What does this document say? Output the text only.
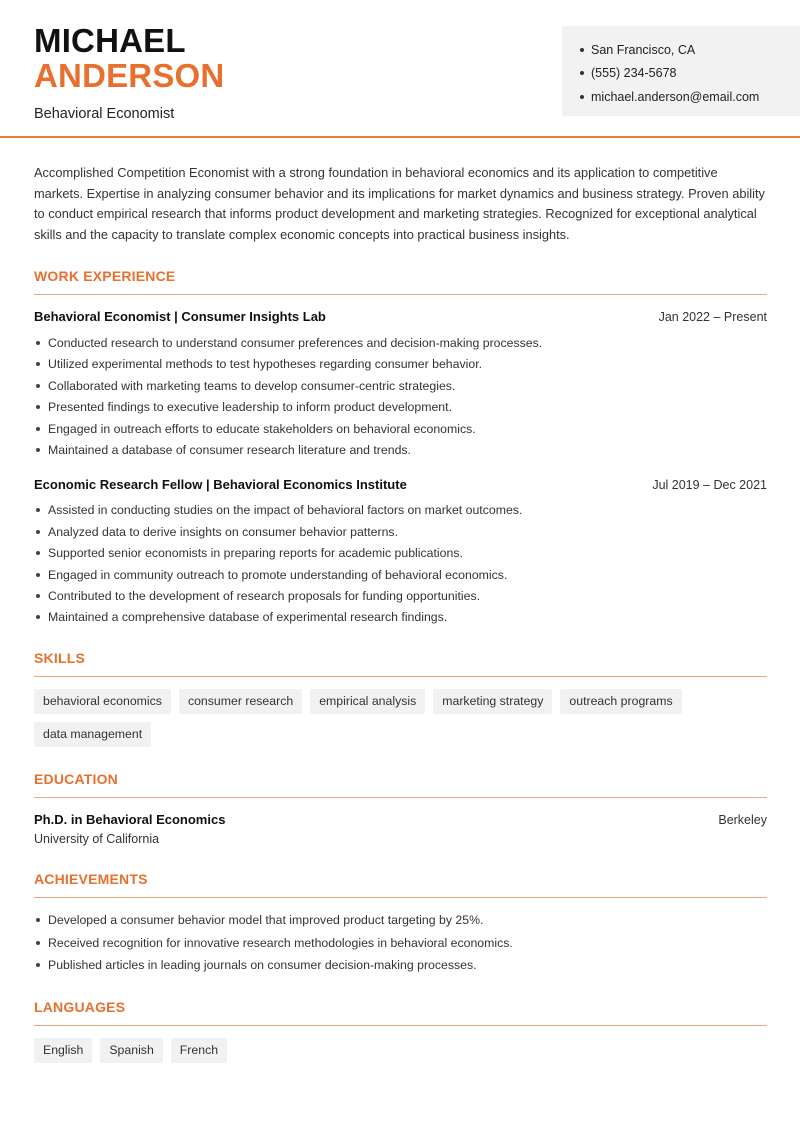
MICHAEL
ANDERSON
Behavioral Economist
San Francisco, CA
(555) 234-5678
michael.anderson@email.com

Accomplished Competition Economist with a strong foundation in behavioral economics and its application to competitive markets. Expertise in analyzing consumer behavior and its implications for market dynamics and business strategy. Proven ability to conduct empirical research that informs product development and marketing strategies. Recognized for exceptional analytical skills and the capacity to translate complex economic concepts into practical business insights.

WORK EXPERIENCE
Behavioral Economist | Consumer Insights Lab	Jan 2022 – Present
Conducted research to understand consumer preferences and decision-making processes.
Utilized experimental methods to test hypotheses regarding consumer behavior.
Collaborated with marketing teams to develop consumer-centric strategies.
Presented findings to executive leadership to inform product development.
Engaged in outreach efforts to educate stakeholders on behavioral economics.
Maintained a database of consumer research literature and trends.
Economic Research Fellow | Behavioral Economics Institute	Jul 2019 – Dec 2021
Assisted in conducting studies on the impact of behavioral factors on market outcomes.
Analyzed data to derive insights on consumer behavior patterns.
Supported senior economists in preparing reports for academic publications.
Engaged in community outreach to promote understanding of behavioral economics.
Contributed to the development of research proposals for funding opportunities.
Maintained a comprehensive database of experimental research findings.
SKILLS
behavioral economics	consumer research	empirical analysis	marketing strategy	outreach programs
data management
EDUCATION
Ph.D. in Behavioral Economics	Berkeley
University of California
ACHIEVEMENTS
Developed a consumer behavior model that improved product targeting by 25%.
Received recognition for innovative research methodologies in behavioral economics.
Published articles in leading journals on consumer decision-making processes.
LANGUAGES
English	Spanish	French
